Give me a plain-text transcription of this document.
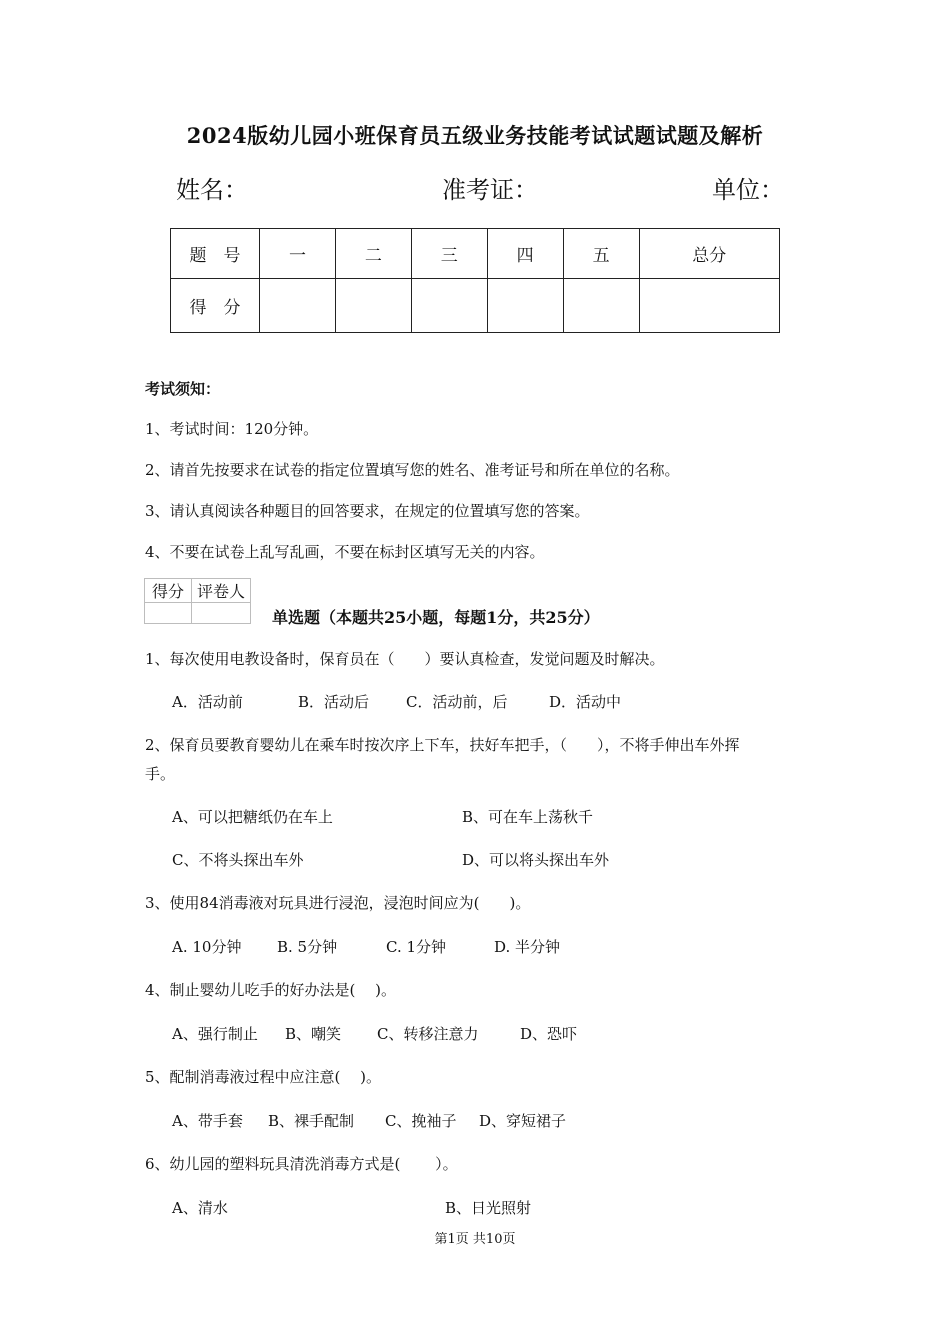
2024版幼儿园小班保育员五级业务技能考试试题试题及解析
姓名：	准考证：	单位：
题　号	一	二	三	四	五	总分
得　分						
考试须知：
1、考试时间：120分钟。
2、请首先按要求在试卷的指定位置填写您的姓名、准考证号和所在单位的名称。
3、请认真阅读各种题目的回答要求，在规定的位置填写您的答案。
4、不要在试卷上乱写乱画，不要在标封区填写无关的内容。
得分	评卷人

单选题（本题共25小题，每题1分，共25分）
1、每次使用电教设备时，保育员在（　　）要认真检查，发觉问题及时解决。
A．活动前	B．活动后 C．活动前，后	D．活动中
2、保育员要教育婴幼儿在乘车时按次序上下车，扶好车把手，（　　），不将手伸出车外挥
手。
A、可以把糖纸仍在车上	B、可在车上荡秋千
C、不将头探出车外	D、可以将头探出车外
3、使用84消毒液对玩具进行浸泡，浸泡时间应为(　　)。
A. 10分钟 B. 5分钟	C. 1分钟	D. 半分钟
4、制止婴幼儿吃手的好办法是(　 )。
A、强行制止 B、嘲笑 C、转移注意力	D、恐吓
5、配制消毒液过程中应注意(　 )。
A、带手套 B、裸手配制 C、挽袖子 D、穿短裙子
6、幼儿园的塑料玩具清洗消毒方式是(　　 ）。
A、清水	B、日光照射
第1页 共10页
